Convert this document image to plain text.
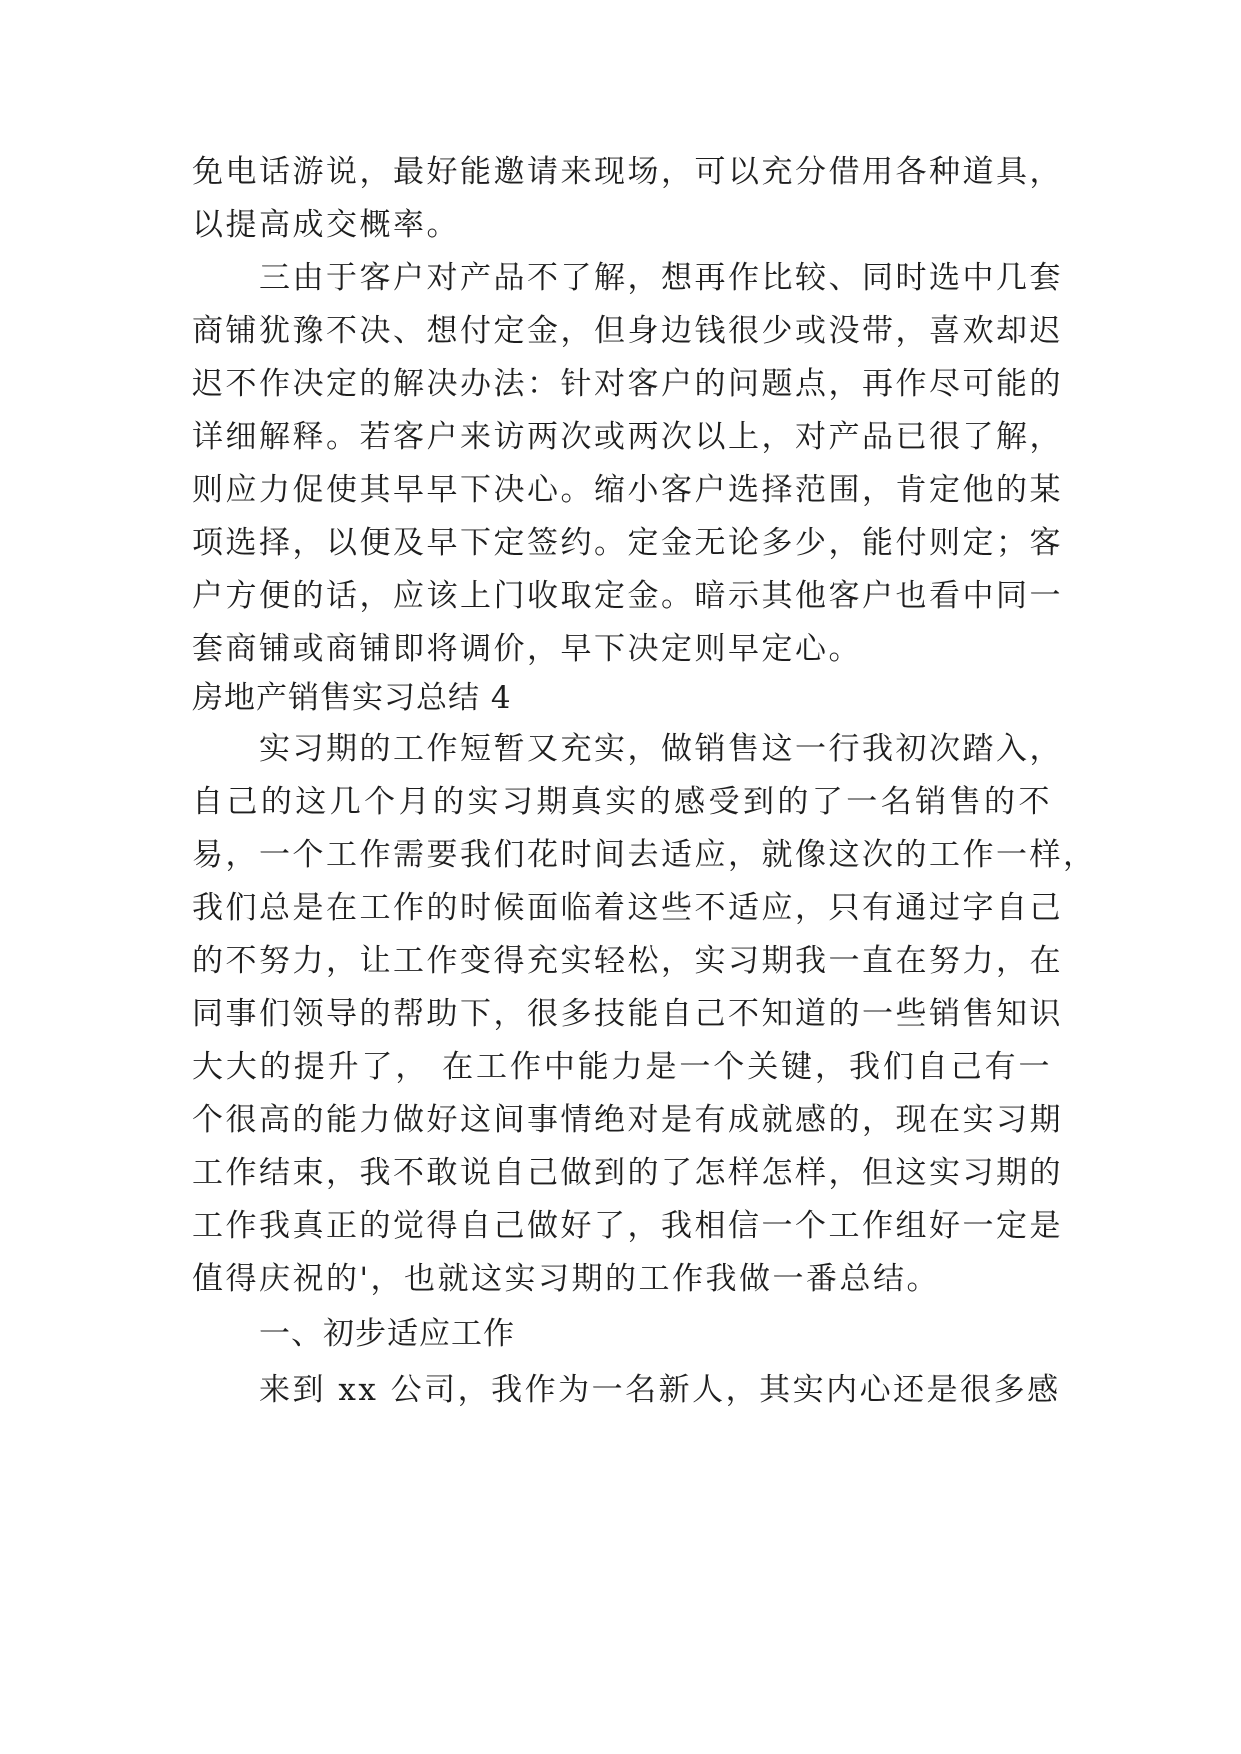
免电话游说，最好能邀请来现场，可以充分借用各种道具，
以提高成交概率。
三由于客户对产品不了解，想再作比较、同时选中几套
商铺犹豫不决、想付定金，但身边钱很少或没带，喜欢却迟
迟不作决定的解决办法：针对客户的问题点，再作尽可能的
详细解释。若客户来访两次或两次以上，对产品已很了解，
则应力促使其早早下决心。缩小客户选择范围，肯定他的某
项选择，以便及早下定签约。定金无论多少，能付则定；客
户方便的话，应该上门收取定金。暗示其他客户也看中同一
套商铺或商铺即将调价，早下决定则早定心。
房地产销售实习总结 4
实习期的工作短暂又充实，做销售这一行我初次踏入，
自己的这几个月的实习期真实的感受到的了一名销售的不
易，一个工作需要我们花时间去适应，就像这次的工作一样，
我们总是在工作的时候面临着这些不适应，只有通过字自己
的不努力，让工作变得充实轻松，实习期我一直在努力，在
同事们领导的帮助下，很多技能自己不知道的一些销售知识
大大的提升了， 在工作中能力是一个关键，我们自己有一
个很高的能力做好这间事情绝对是有成就感的，现在实习期
工作结束，我不敢说自己做到的了怎样怎样，但这实习期的
工作我真正的觉得自己做好了，我相信一个工作组好一定是
值得庆祝的'，也就这实习期的工作我做一番总结。
一、初步适应工作
来到 xx 公司，我作为一名新人，其实内心还是很多感
